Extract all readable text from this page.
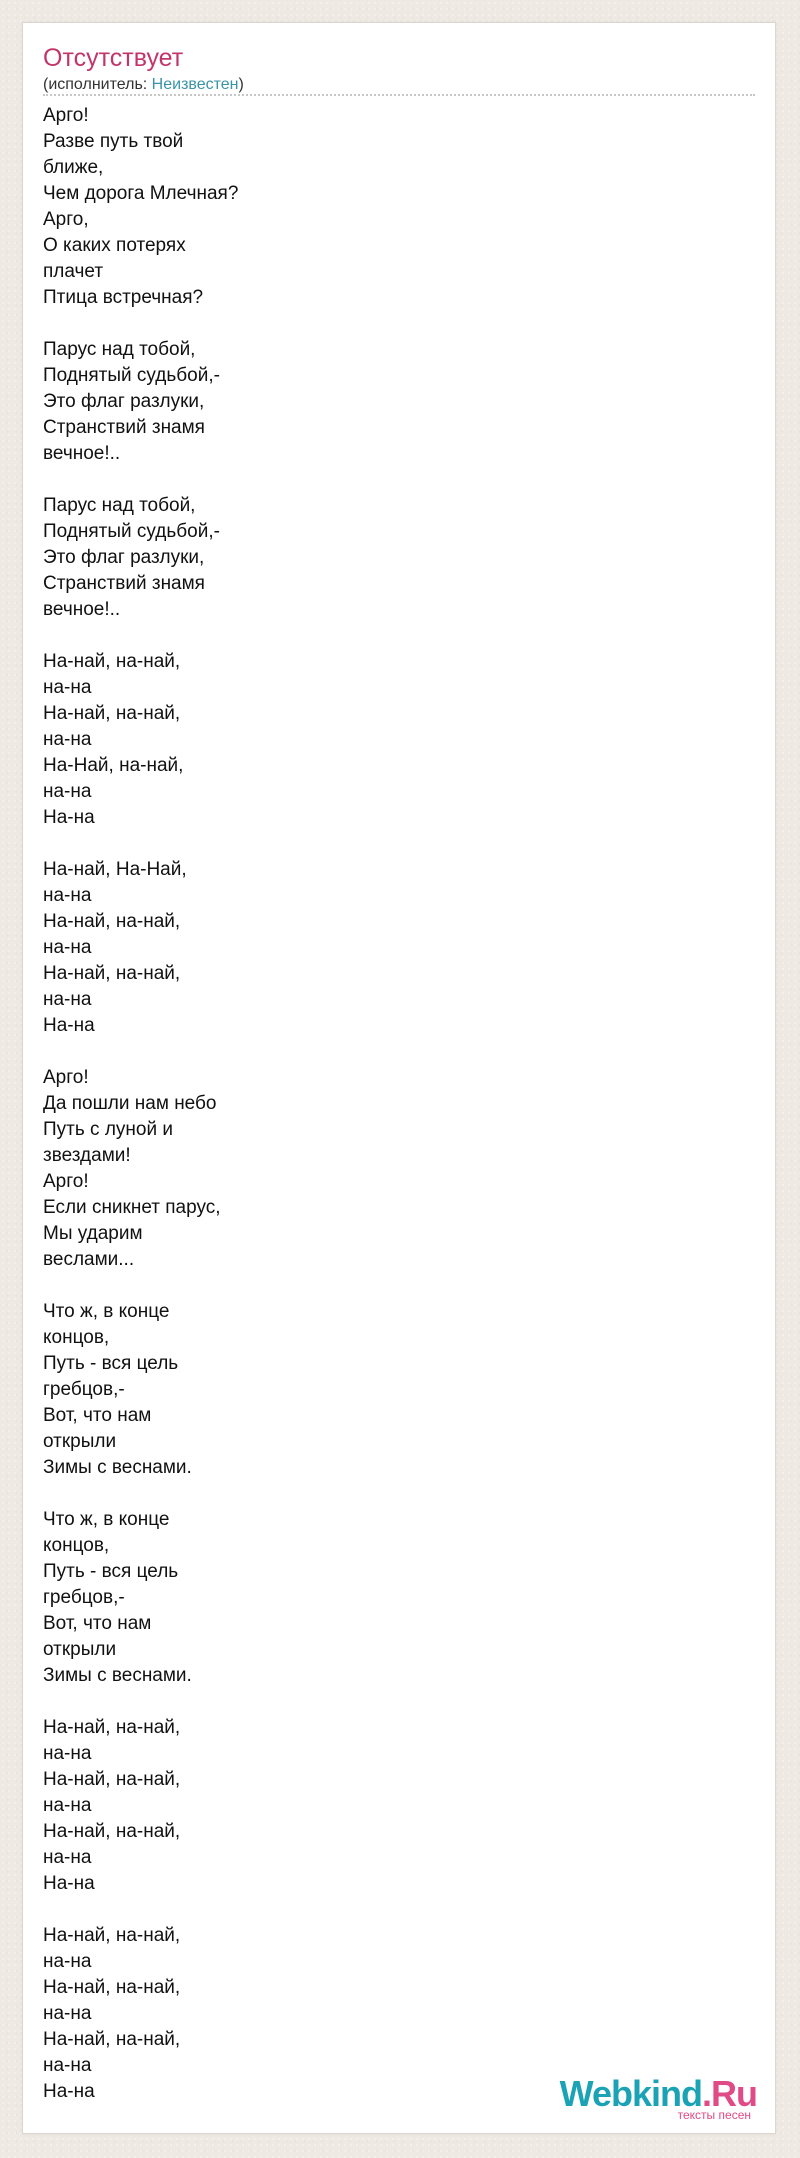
Отсутствует
(исполнитель: Неизвестен)
Арго!
Разве путь твой
ближе,
Чем дорога Млечная?
Арго,
О каких потерях
плачет
Птица встречная?

Парус над тобой,
Поднятый судьбой,-
Это флаг разлуки,
Странствий знамя
вечное!..

Парус над тобой,
Поднятый судьбой,-
Это флаг разлуки,
Странствий знамя
вечное!..

На-най, на-най,
на-на
На-най, на-най,
на-на
На-Най, на-най,
на-на
На-на

На-най, На-Най,
на-на
На-най, на-най,
на-на
На-най, на-най,
на-на
На-на

Арго!
Да пошли нам небо
Путь с луной и
звездами!
Арго!
Если сникнет парус,
Мы ударим
веслами...

Что ж, в конце
концов,
Путь - вся цель
гребцов,-
Вот, что нам
открыли
Зимы с веснами.

Что ж, в конце
концов,
Путь - вся цель
гребцов,-
Вот, что нам
открыли
Зимы с веснами.

На-най, на-най,
на-на
На-най, на-най,
на-на
На-най, на-най,
на-на
На-на

На-най, на-най,
на-на
На-най, на-най,
на-на
На-най, на-най,
на-на
На-на	Webkind.Ru
тексты песен
